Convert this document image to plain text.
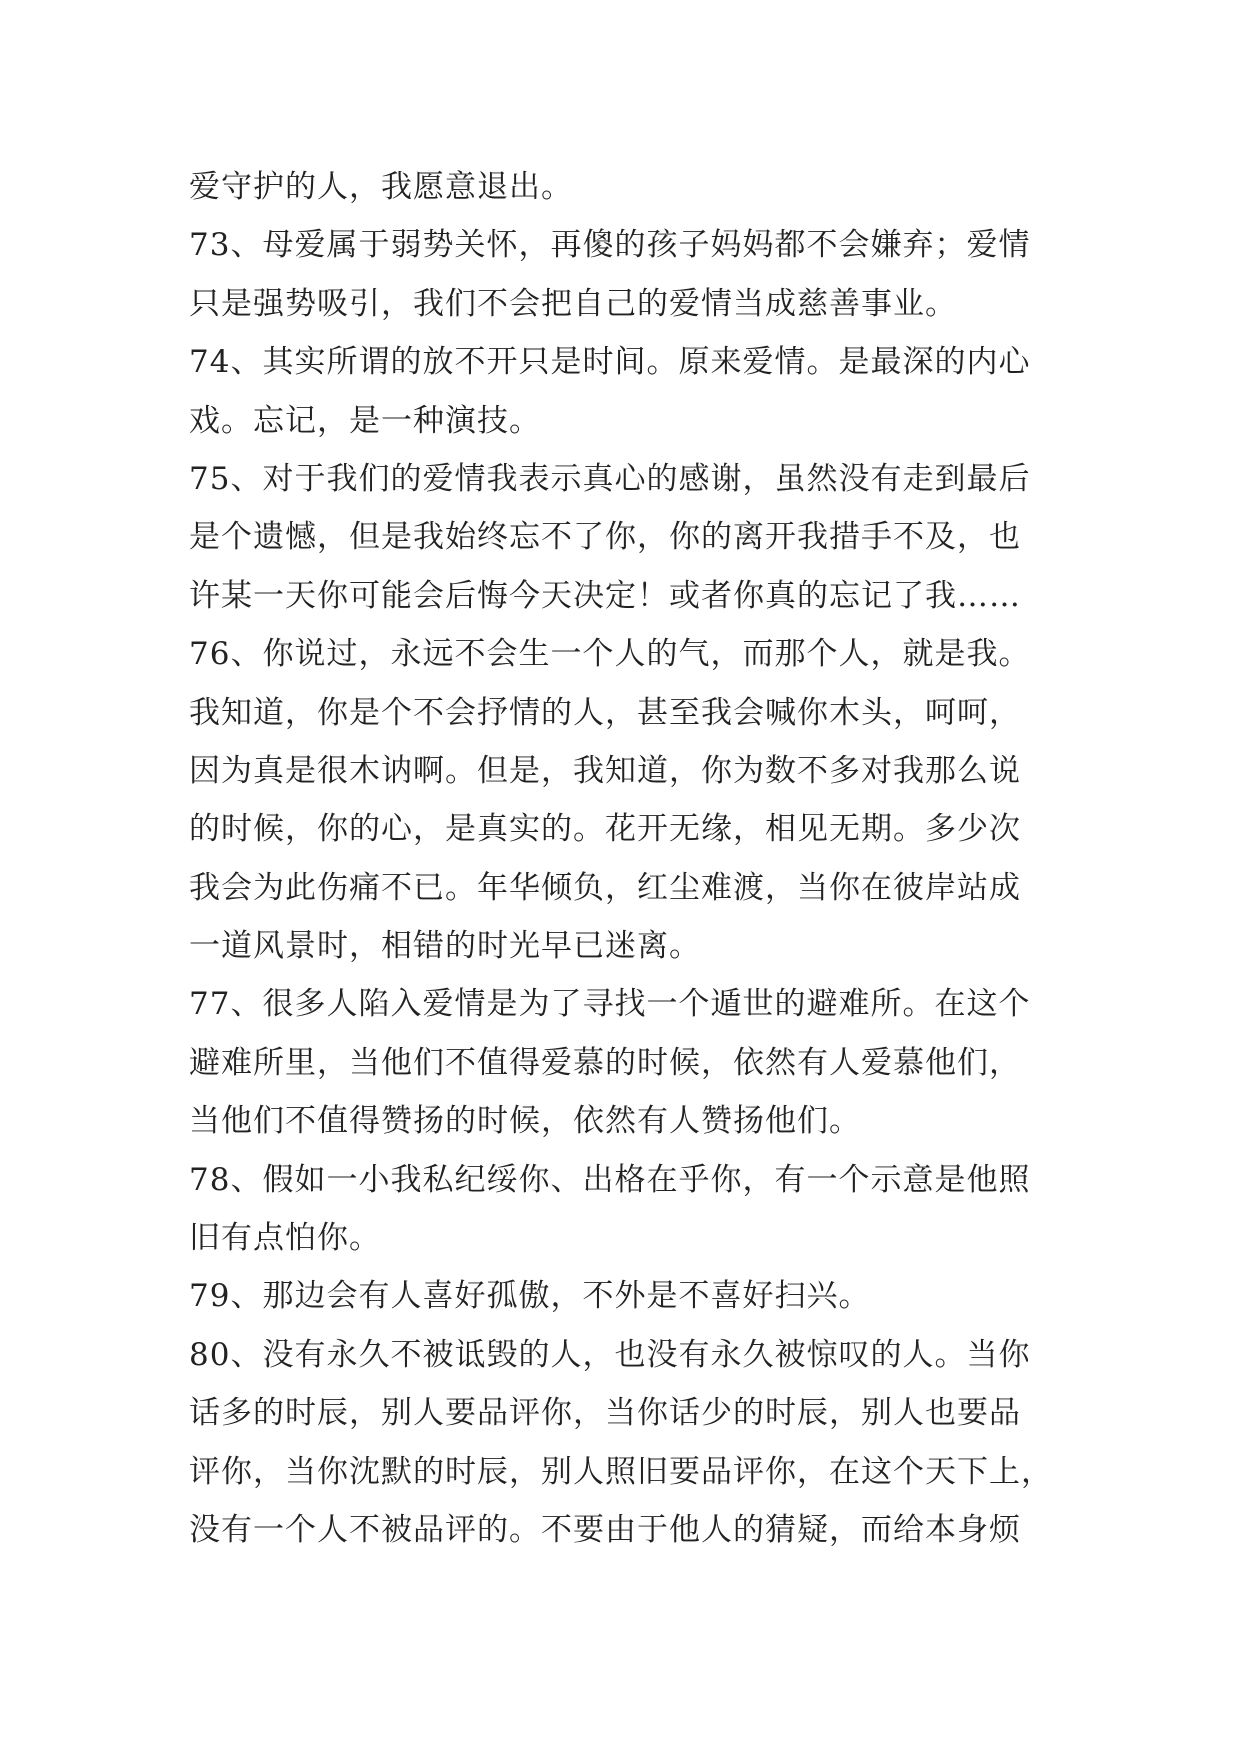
爱守护的人，我愿意退出。
73、母爱属于弱势关怀，再傻的孩子妈妈都不会嫌弃；爱情
只是强势吸引，我们不会把自己的爱情当成慈善事业。
74、其实所谓的放不开只是时间。原来爱情。是最深的内心
戏。忘记，是一种演技。
75、对于我们的爱情我表示真心的感谢，虽然没有走到最后
是个遗憾，但是我始终忘不了你，你的离开我措手不及，也
许某一天你可能会后悔今天决定！或者你真的忘记了我……
76、你说过，永远不会生一个人的气，而那个人，就是我。
我知道，你是个不会抒情的人，甚至我会喊你木头，呵呵，
因为真是很木讷啊。但是，我知道，你为数不多对我那么说
的时候，你的心，是真实的。花开无缘，相见无期。多少次
我会为此伤痛不已。年华倾负，红尘难渡，当你在彼岸站成
一道风景时，相错的时光早已迷离。
77、很多人陷入爱情是为了寻找一个遁世的避难所。在这个
避难所里，当他们不值得爱慕的时候，依然有人爱慕他们，
当他们不值得赞扬的时候，依然有人赞扬他们。
78、假如一小我私纪绥你、出格在乎你，有一个示意是他照
旧有点怕你。
79、那边会有人喜好孤傲，不外是不喜好扫兴。
80、没有永久不被诋毁的人，也没有永久被惊叹的人。当你
话多的时辰，别人要品评你，当你话少的时辰，别人也要品
评你，当你沈默的时辰，别人照旧要品评你，在这个天下上，
没有一个人不被品评的。不要由于他人的猜疑，而给本身烦
